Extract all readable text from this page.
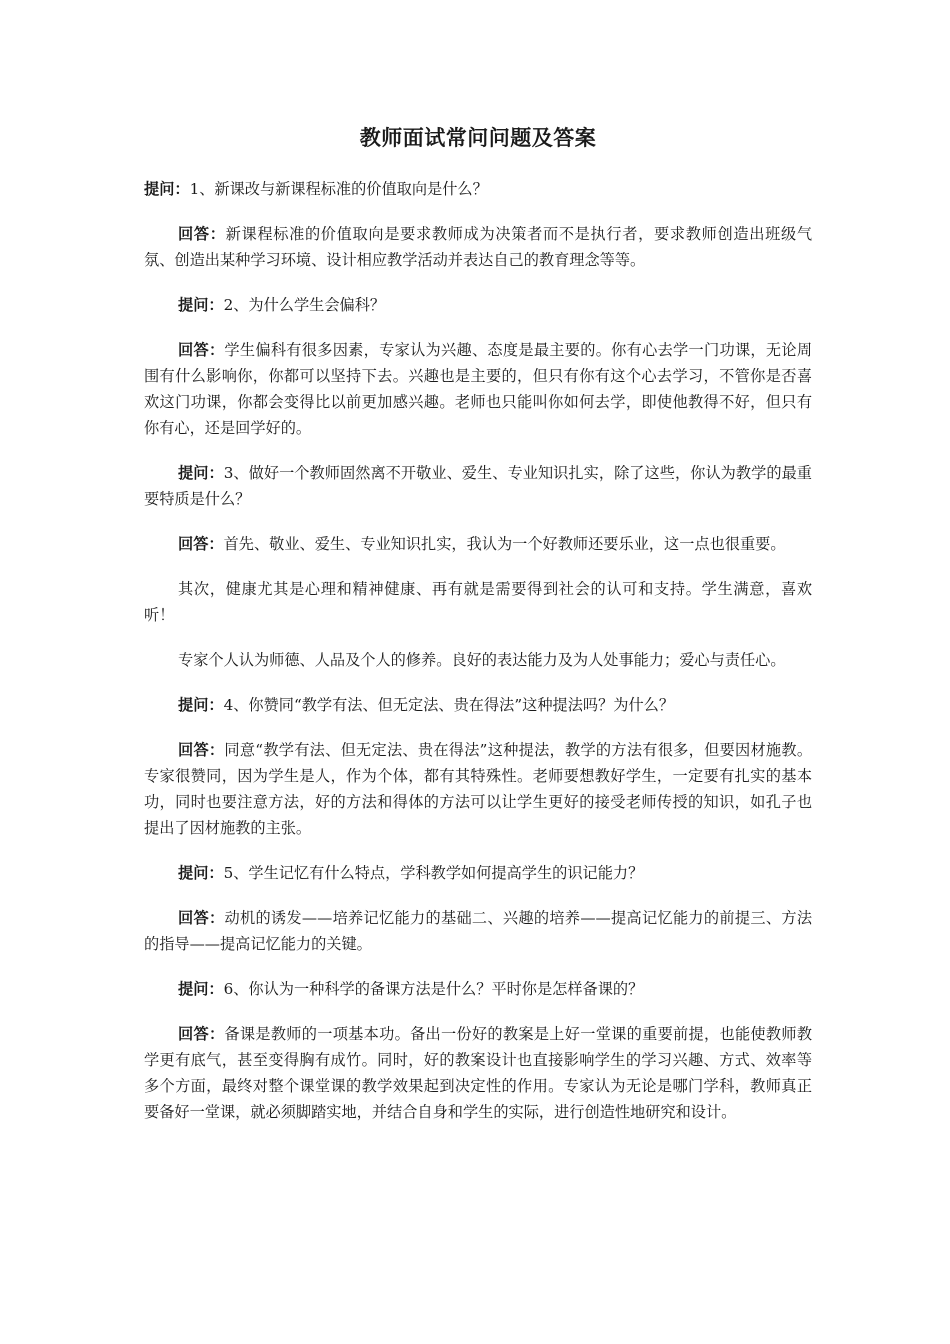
教师面试常问问题及答案

提问：1、新课改与新课程标准的价值取向是什么？

回答：新课程标准的价值取向是要求教师成为决策者而不是执行者，要求教师创造出班级气氛、创造出某种学习环境、设计相应教学活动并表达自己的教育理念等等。

提问：2、为什么学生会偏科？

回答：学生偏科有很多因素，专家认为兴趣、态度是最主要的。你有心去学一门功课，无论周围有什么影响你，你都可以坚持下去。兴趣也是主要的，但只有你有这个心去学习，不管你是否喜欢这门功课，你都会变得比以前更加感兴趣。老师也只能叫你如何去学，即使他教得不好，但只有你有心，还是回学好的。

提问：3、做好一个教师固然离不开敬业、爱生、专业知识扎实，除了这些，你认为教学的最重要特质是什么？

回答：首先、敬业、爱生、专业知识扎实，我认为一个好教师还要乐业，这一点也很重要。

其次，健康尤其是心理和精神健康、再有就是需要得到社会的认可和支持。学生满意，喜欢听！

专家个人认为师德、人品及个人的修养。良好的表达能力及为人处事能力；爱心与责任心。

提问：4、你赞同“教学有法、但无定法、贵在得法”这种提法吗？为什么？

回答：同意“教学有法、但无定法、贵在得法”这种提法，教学的方法有很多，但要因材施教。专家很赞同，因为学生是人，作为个体，都有其特殊性。老师要想教好学生，一定要有扎实的基本功，同时也要注意方法，好的方法和得体的方法可以让学生更好的接受老师传授的知识，如孔子也提出了因材施教的主张。

提问：5、学生记忆有什么特点，学科教学如何提高学生的识记能力？

回答：动机的诱发——培养记忆能力的基础二、兴趣的培养——提高记忆能力的前提三、方法的指导——提高记忆能力的关键。

提问：6、你认为一种科学的备课方法是什么？平时你是怎样备课的？

回答：备课是教师的一项基本功。备出一份好的教案是上好一堂课的重要前提，也能使教师教学更有底气，甚至变得胸有成竹。同时，好的教案设计也直接影响学生的学习兴趣、方式、效率等多个方面，最终对整个课堂课的教学效果起到决定性的作用。专家认为无论是哪门学科，教师真正要备好一堂课，就必须脚踏实地，并结合自身和学生的实际，进行创造性地研究和设计。
